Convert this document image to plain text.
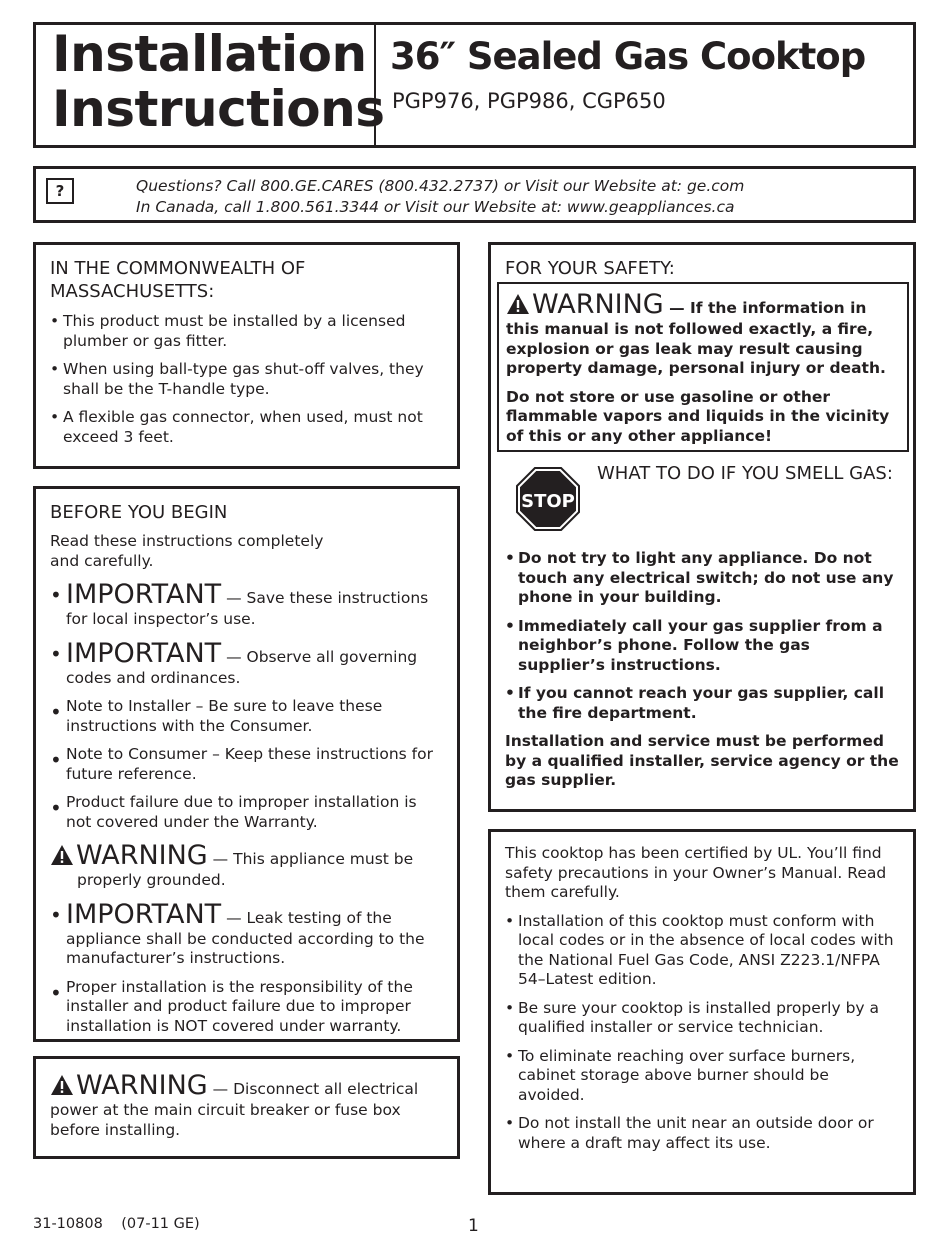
Installation
Instructions
36″ Sealed Gas Cooktop
PGP976, PGP986, CGP650
?	Questions? Call 800.GE.CARES (800.432.2737) or Visit our Website at: ge.com
In Canada, call 1.800.561.3344 or Visit our Website at: www.geappliances.ca
IN THE COMMONWEALTH OF
MASSACHUSETTS:
• This product must be installed by a licensed plumber or gas fitter.
• When using ball-type gas shut-off valves, they shall be the T-handle type.
• A flexible gas connector, when used, must not exceed 3 feet.
BEFORE YOU BEGIN
Read these instructions completely and carefully.
• IMPORTANT — Save these instructions for local inspector’s use.
• IMPORTANT — Observe all governing codes and ordinances.
• Note to Installer – Be sure to leave these instructions with the Consumer.
• Note to Consumer – Keep these instructions for future reference.
• Product failure due to improper installation is not covered under the Warranty.
WARNING — This appliance must be properly grounded.
• IMPORTANT — Leak testing of the appliance shall be conducted according to the manufacturer’s instructions.
• Proper installation is the responsibility of the installer and product failure due to improper installation is NOT covered under warranty.
WARNING — Disconnect all electrical power at the main circuit breaker or fuse box before installing.
FOR YOUR SAFETY:
WARNING — If the information in this manual is not followed exactly, a fire, explosion or gas leak may result causing property damage, personal injury or death.
Do not store or use gasoline or other flammable vapors and liquids in the vicinity of this or any other appliance!
STOP
WHAT TO DO IF YOU SMELL GAS:
• Do not try to light any appliance. Do not touch any electrical switch; do not use any phone in your building.
• Immediately call your gas supplier from a neighbor’s phone. Follow the gas supplier’s instructions.
• If you cannot reach your gas supplier, call the fire department.
Installation and service must be performed by a qualified installer, service agency or the gas supplier.
This cooktop has been certified by UL. You’ll find safety precautions in your Owner’s Manual. Read them carefully.
• Installation of this cooktop must conform with local codes or in the absence of local codes with the National Fuel Gas Code, ANSI Z223.1/NFPA 54–Latest edition.
• Be sure your cooktop is installed properly by a qualified installer or service technician.
• To eliminate reaching over surface burners, cabinet storage above burner should be avoided.
• Do not install the unit near an outside door or where a draft may affect its use.
31-10808    (07-11 GE)	1
